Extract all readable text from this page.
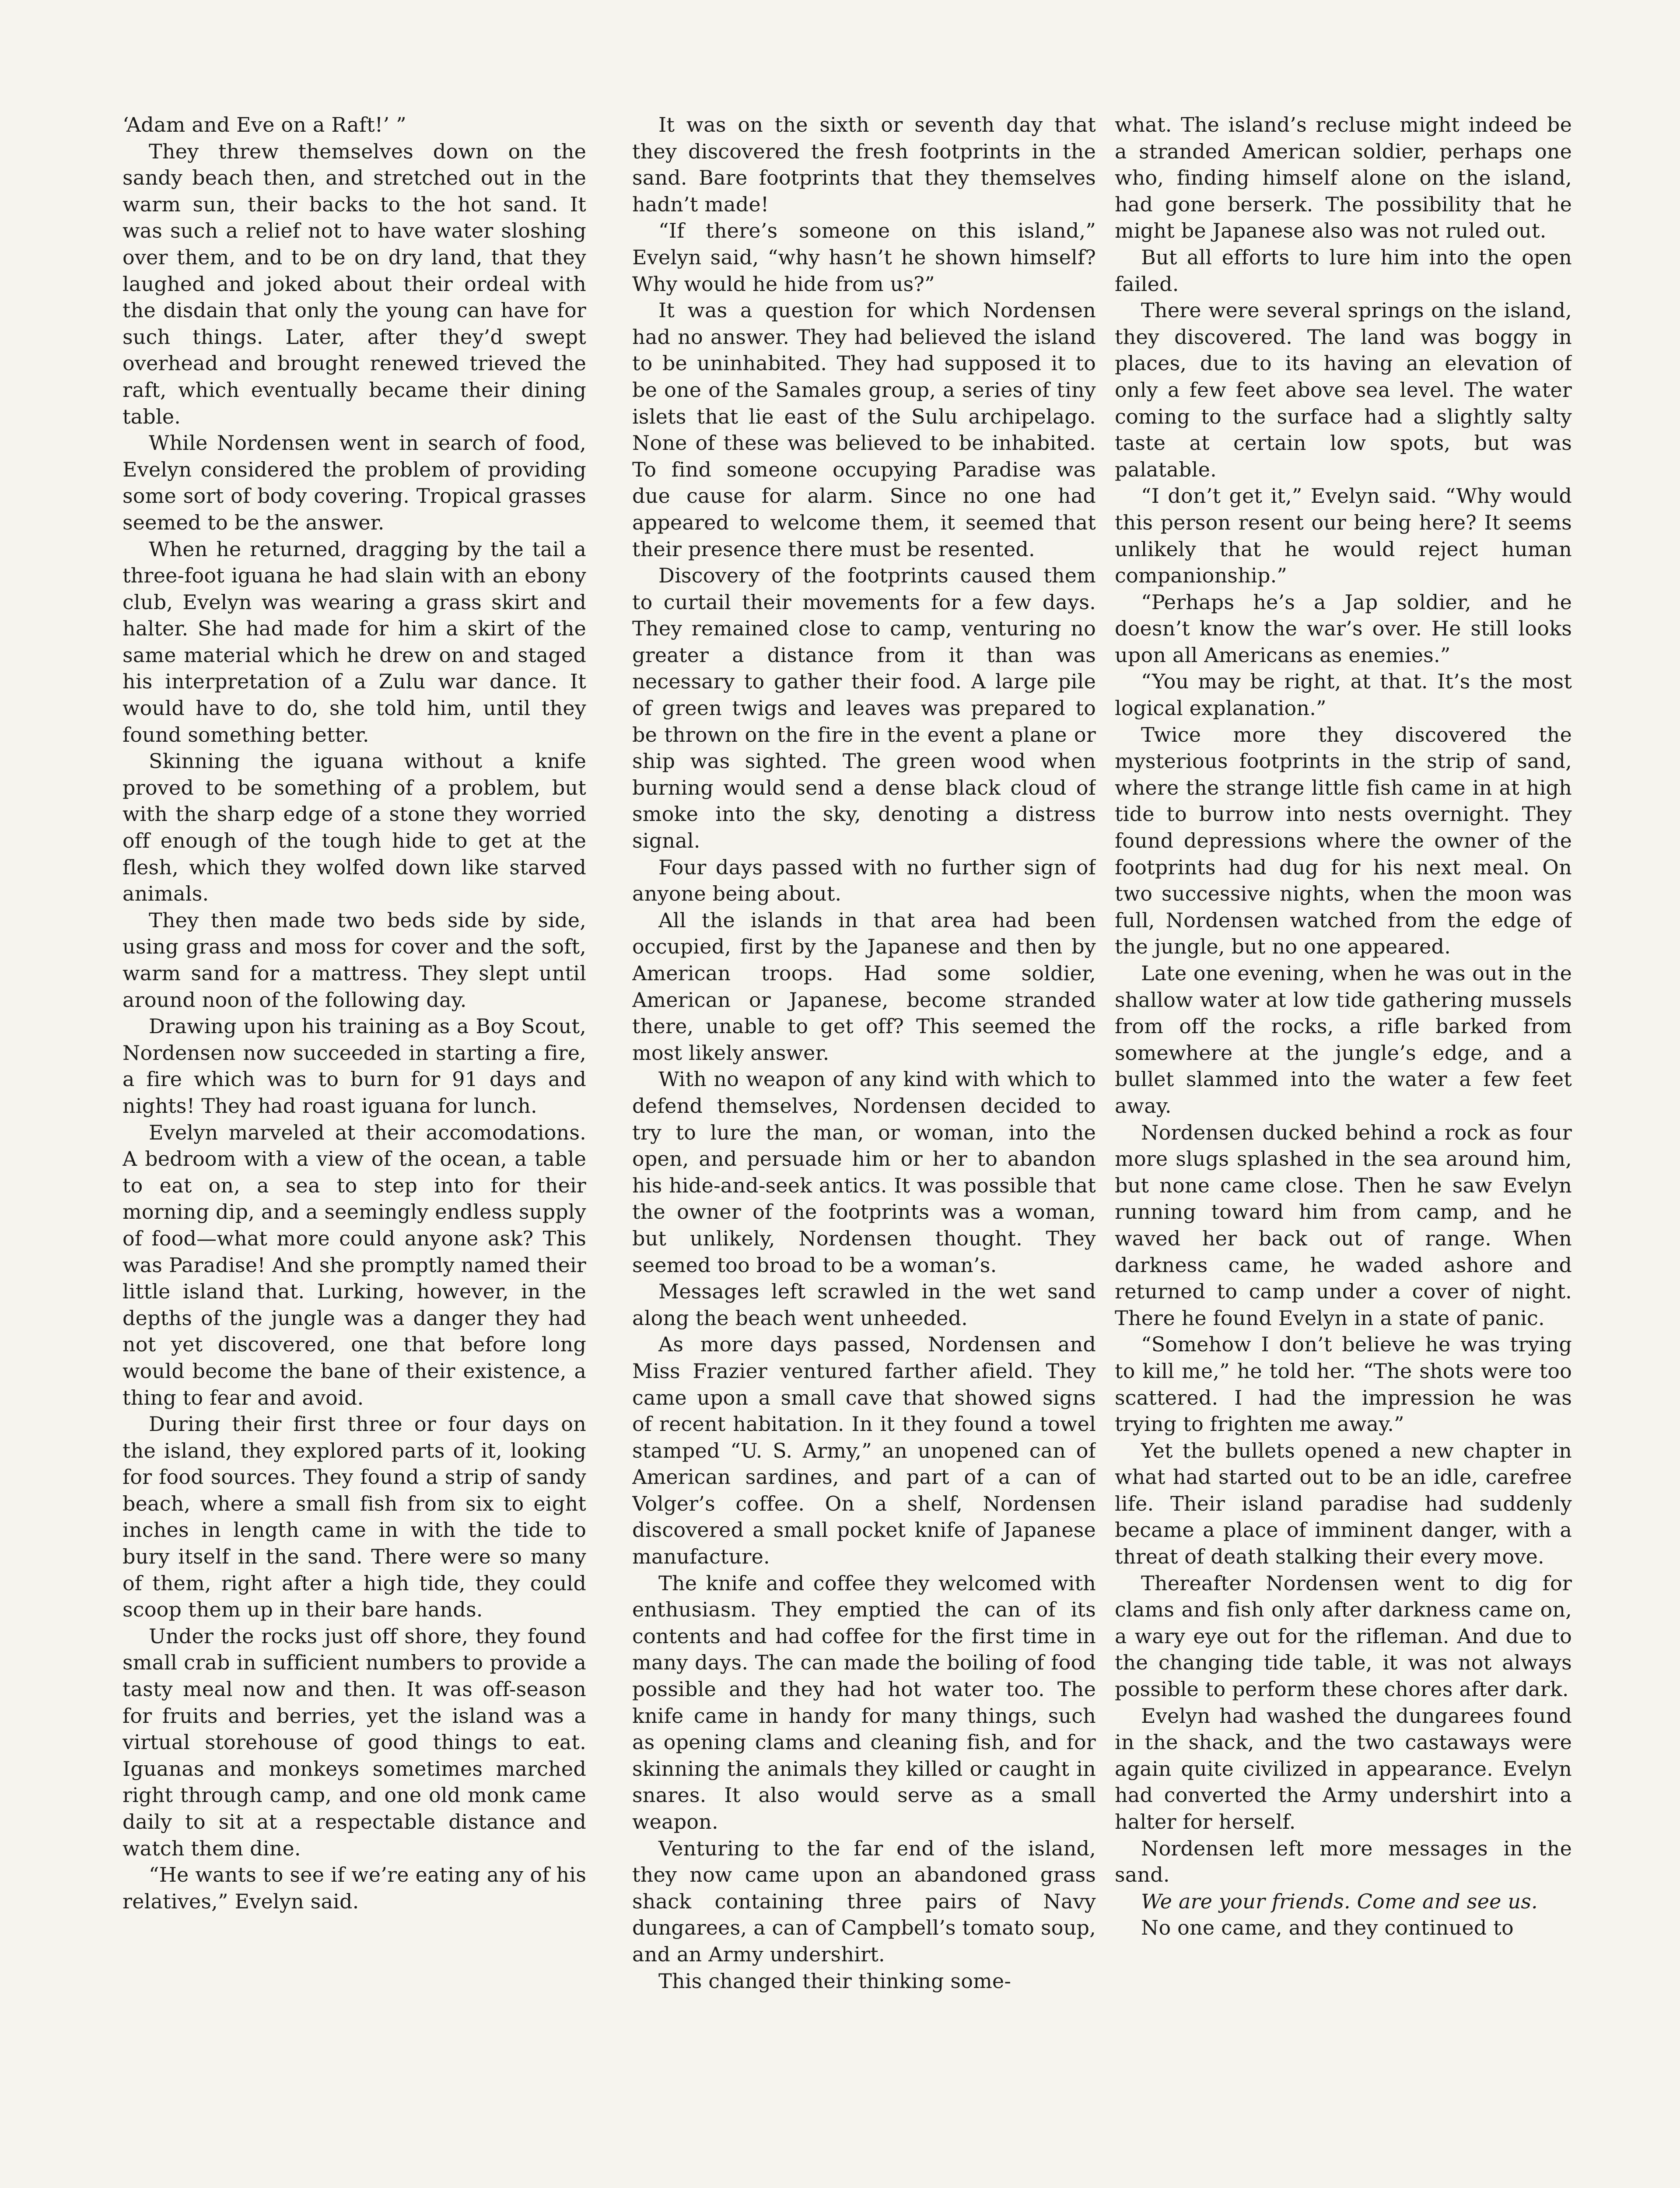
‘Adam and Eve on a Raft!’ ”

They threw themselves down on the sandy beach then, and stretched out in the warm sun, their backs to the hot sand. It was such a relief not to have water sloshing over them, and to be on dry land, that they laughed and joked about their ordeal with the disdain that only the young can have for such things. Later, after they’d swept overhead and brought renewed trieved the raft, which eventually became their dining table.

While Nordensen went in search of food, Evelyn considered the problem of providing some sort of body covering. Tropical grasses seemed to be the answer.

When he returned, dragging by the tail a three-foot iguana he had slain with an ebony club, Evelyn was wearing a grass skirt and halter. She had made for him a skirt of the same material which he drew on and staged his interpretation of a Zulu war dance. It would have to do, she told him, until they found something better.

Skinning the iguana without a knife proved to be something of a problem, but with the sharp edge of a stone they worried off enough of the tough hide to get at the flesh, which they wolfed down like starved animals.

They then made two beds side by side, using grass and moss for cover and the soft, warm sand for a mattress. They slept until around noon of the following day.

Drawing upon his training as a Boy Scout, Nordensen now succeeded in starting a fire, a fire which was to burn for 91 days and nights! They had roast iguana for lunch.

Evelyn marveled at their accomodations. A bedroom with a view of the ocean, a table to eat on, a sea to step into for their morning dip, and a seemingly endless supply of food—what more could anyone ask? This was Paradise! And she promptly named their little island that. Lurking, however, in the depths of the jungle was a danger they had not yet discovered, one that before long would become the bane of their existence, a thing to fear and avoid.

During their first three or four days on the island, they explored parts of it, looking for food sources. They found a strip of sandy beach, where a small fish from six to eight inches in length came in with the tide to bury itself in the sand. There were so many of them, right after a high tide, they could scoop them up in their bare hands.

Under the rocks just off shore, they found small crab in sufficient numbers to provide a tasty meal now and then. It was off-season for fruits and berries, yet the island was a virtual storehouse of good things to eat. Iguanas and monkeys sometimes marched right through camp, and one old monk came daily to sit at a respectable distance and watch them dine.

“He wants to see if we’re eating any of his relatives,” Evelyn said.

It was on the sixth or seventh day that they discovered the fresh footprints in the sand. Bare footprints that they themselves hadn’t made!

“If there’s someone on this island,” Evelyn said, “why hasn’t he shown himself? Why would he hide from us?”

It was a question for which Nordensen had no answer. They had believed the island to be uninhabited. They had supposed it to be one of the Samales group, a series of tiny islets that lie east of the Sulu archipelago. None of these was believed to be inhabited. To find someone occupying Paradise was due cause for alarm. Since no one had appeared to welcome them, it seemed that their presence there must be resented.

Discovery of the footprints caused them to curtail their movements for a few days. They remained close to camp, venturing no greater a distance from it than was necessary to gather their food. A large pile of green twigs and leaves was prepared to be thrown on the fire in the event a plane or ship was sighted. The green wood when burning would send a dense black cloud of smoke into the sky, denoting a distress signal.

Four days passed with no further sign of anyone being about.

All the islands in that area had been occupied, first by the Japanese and then by American troops. Had some soldier, American or Japanese, become stranded there, unable to get off? This seemed the most likely answer.

With no weapon of any kind with which to defend themselves, Nordensen decided to try to lure the man, or woman, into the open, and persuade him or her to abandon his hide-and-seek antics. It was possible that the owner of the footprints was a woman, but unlikely, Nordensen thought. They seemed too broad to be a woman’s.

Messages left scrawled in the wet sand along the beach went unheeded.

As more days passed, Nordensen and Miss Frazier ventured farther afield. They came upon a small cave that showed signs of recent habitation. In it they found a towel stamped “U. S. Army,” an unopened can of American sardines, and part of a can of Volger’s coffee. On a shelf, Nordensen discovered a small pocket knife of Japanese manufacture.

The knife and coffee they welcomed with enthusiasm. They emptied the can of its contents and had coffee for the first time in many days. The can made the boiling of food possible and they had hot water too. The knife came in handy for many things, such as opening clams and cleaning fish, and for skinning the animals they killed or caught in snares. It also would serve as a small weapon.

Venturing to the far end of the island, they now came upon an abandoned grass shack containing three pairs of Navy dungarees, a can of Campbell’s tomato soup, and an Army undershirt.

This changed their thinking some-

what. The island’s recluse might indeed be a stranded American soldier, perhaps one who, finding himself alone on the island, had gone berserk. The possibility that he might be Japanese also was not ruled out.

But all efforts to lure him into the open failed.

There were several springs on the island, they discovered. The land was boggy in places, due to its having an elevation of only a few feet above sea level. The water coming to the surface had a slightly salty taste at certain low spots, but was palatable.

“I don’t get it,” Evelyn said. “Why would this person resent our being here? It seems unlikely that he would reject human companionship.”

“Perhaps he’s a Jap soldier, and he doesn’t know the war’s over. He still looks upon all Americans as enemies.”

“You may be right, at that. It’s the most logical explanation.”

Twice more they discovered the mysterious footprints in the strip of sand, where the strange little fish came in at high tide to burrow into nests overnight. They found depressions where the owner of the footprints had dug for his next meal. On two successive nights, when the moon was full, Nordensen watched from the edge of the jungle, but no one appeared.

Late one evening, when he was out in the shallow water at low tide gathering mussels from off the rocks, a rifle barked from somewhere at the jungle’s edge, and a bullet slammed into the water a few feet away.

Nordensen ducked behind a rock as four more slugs splashed in the sea around him, but none came close. Then he saw Evelyn running toward him from camp, and he waved her back out of range. When darkness came, he waded ashore and returned to camp under a cover of night. There he found Evelyn in a state of panic.

“Somehow I don’t believe he was trying to kill me,” he told her. “The shots were too scattered. I had the impression he was trying to frighten me away.”

Yet the bullets opened a new chapter in what had started out to be an idle, carefree life. Their island paradise had suddenly became a place of imminent danger, with a threat of death stalking their every move.

Thereafter Nordensen went to dig for clams and fish only after darkness came on, a wary eye out for the rifleman. And due to the changing tide table, it was not always possible to perform these chores after dark.

Evelyn had washed the dungarees found in the shack, and the two castaways were again quite civilized in appearance. Evelyn had converted the Army undershirt into a halter for herself.

Nordensen left more messages in the sand.

We are your friends. Come and see us.

No one came, and they continued to
